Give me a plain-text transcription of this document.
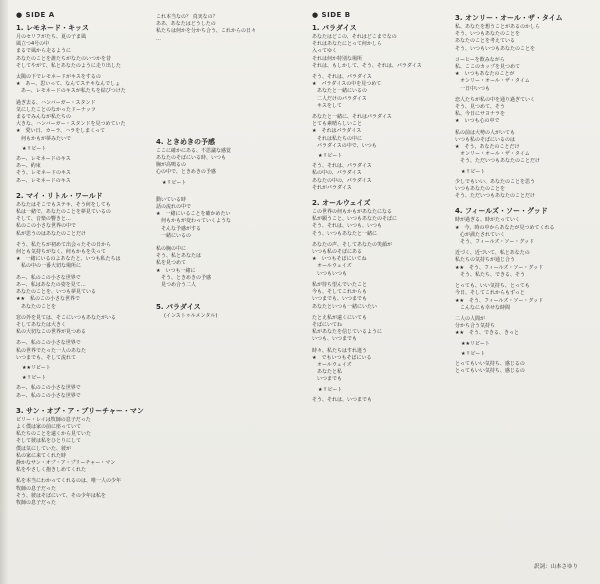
● SIDE A
1. レモネード・キッス
月のセリフがたち、夏の子ま風
風立つ4号の中
まるで風から走るように
あなたのことを誰たちがなたのいつかを昔
そしてやがて、私とあなたのように走り出した
太陽の下でレモネードがキスをするの
★　あー、思いって、なんてステキなんでしょ
　あー、レモネードのキスが私たちを結びつけた
過ぎ去る、ハンバーガー・スタンド
気にしたことのなかったドーナッツ
まるでみんなが私たちの
大きな、ハンバーガー・スタンドを見つめていた
★　愛い日、カーラ、ハラをしまくって
　何もかもが夢みたいで
★リピート
あー、レモネードのキス
あー、約束
そう、レモネードのキス
あー、レモネードのキス
2. マイ・リトル・ワールド
あなたはそこでもステキ、そう何をしても
私は一緒で、あなたのことを夢見ているの
そして、音楽の響きと…
私のこの小さな世界の中で
私が思うのはあなたのことだけ
そう、私たちが初めて出会ったその日から
何とも気持ちがなく、何もかもを失って
★　一緒にいるのよあなたと、いつも私たちは
　私の中の一番大切な場所に
あー、私のこの小さな世界で
あー、私はあなたの姿を見て…
あなたのことを、いつも夢見ている
★★　私のこの小さな世界で
　あなたのことを
窓の外を見ては、そこにいつもあなたがいる
そしてあなたは大きく
私の大切なこの世界が見つめる
あー、私のこの小さな世界で
私の世界でたった一人のあなた
いつまでも、そして流れて
★★リピート
★リピート
あー、私のこの小さな世界で
あー、私のこの小さな世界で
3. サン・オブ・ア・プリーチャー・マン
ビリー・レイは牧師の息子だった
よく僕は家の前に座っていて
私たちのことを遠くから見ていた
そして彼は私をひとりにして
僕は気にしていた、彼が
私の家に来てくれた時
静かなサン・オブ・ア・プリーチャー・マン
私をやさしく抱きしめてくれた
私を本当にわかってくれるのは、唯一人の少年
牧師の息子だった
そう、彼はそばにいて、その少年は私を
牧師の息子だった
これ本当なの？ 真実なの？
ああ、あなたはどうしたの
私たちは何かを分かち合う、これからの日々
…
4. ときめきの予感
ここに確かにある、不思議な感覚
あなたのそばにいる時、いつも
胸が高鳴るの
心の中で、ときめきの予感
★リピート
動いている時
話の流れの中で
★　一緒にいることを確かめたい
　何もかもが変わっていくような
　そんな予感がする
　一緒にいるの
私の胸の中に
そう、私とあなたは
私を見つめて
★　いつも一緒に
　そう、ときめきの予感
　見つめ合う二人
5. パラダイス
(インストゥルメンタル)
● SIDE B
1. パラダイス
あなたはどこの、それはどこまでなの
それはあなたにとって何かしら
入ってゆく
それは何か特別な場所
それは、もしかして、そう、それは、パラダイス
そう、それは、パラダイス
★　パラダイスの中を見つめて
　あなたと一緒にいるの
　二人だけのパラダイス
　キスをして
あなたと一緒に、それはパラダイス
とても素晴らしいこと
★　それはパラダイス
　それは私たちの中に
　パラダイスの中で、いつも
★リピート
そう、それは、パラダイス
私の中の、パラダイス
あなたの中の、パラダイス
それがパラダイス
2. オールウェイズ
この世界の何もかもがあなたになる
私が願うこと、いつもあなたのそばに
そう、それは、いつも、いつも
そう、いつもあなたと一緒に
あなたの声、そしてあなたの笑顔が
いつも私のそばにある
★　いつもそばにいてね
　オールウェイズ
　いつもいつも
私が待ち望んでいたこと
今も、そしてこれからも
いつまでも、いつまでも
あなたといつも一緒にいたい
たとえ私が遠くにいても
そばにいてね
私があなたを信じているように
いつも、いつまでも
時々、私たちはすれ違う
★　でもいつもそばにいる
　オールウェイズ
　あなたと私
　いつまでも
★リピート
そう、それは、いつまでも
3. オンリー・オール・ザ・タイム
私、あなたを想うことがあるのかしら
そう、いつもあなたのことを
あなたのことを考えている
そう、いつもいつもあなたのことを
コーヒーを飲みながら
私、ここのカップを見つめて
★　いつもあなたのことが
　オンリー・オール・ザ・タイム
　一日中いつも
恋人たちが私の中を通り過ぎていく
そう、見つめて、そう
私、今日にサヨナラを
★　いつも心の中で
私の前は大勢の人がいても
いつも私のそばにいるのは
★　そう、あなたのことだけ
　オンリー・オール・ザ・タイム
　そう、ただいつもあなたのことだけ
★リピート
少しでもいい、あなたのことを思う
いつもあなたのことを
そう、ただいつもあなたのことだけ
4. フィールズ・ソー・グッド
時が過ぎる、時がたっていく
★　今、時の中からあなたが見つめてくれる
　心が満たされていく
　そう、フィールズ・ソー・グッド
近づく、近づいて、私とあなたの
私たちの気持ちが通じ合う
★★　そう、フィールズ・ソー・グッド
　そう、私たち、できる、そう
とっても、いい気持ち、とっても
今日、そしてこれからもずっと
★★　そう、フィールズ・ソー・グッド
　こんなにも幸せな時間
二人の人間が
分かち合う気持ち
★★　そう、できる、きっと
★★リピート
★リピート
とってもいい気持ち、感じるの
とってもいい気持ち、感じるの
訳詞：山本さゆり
